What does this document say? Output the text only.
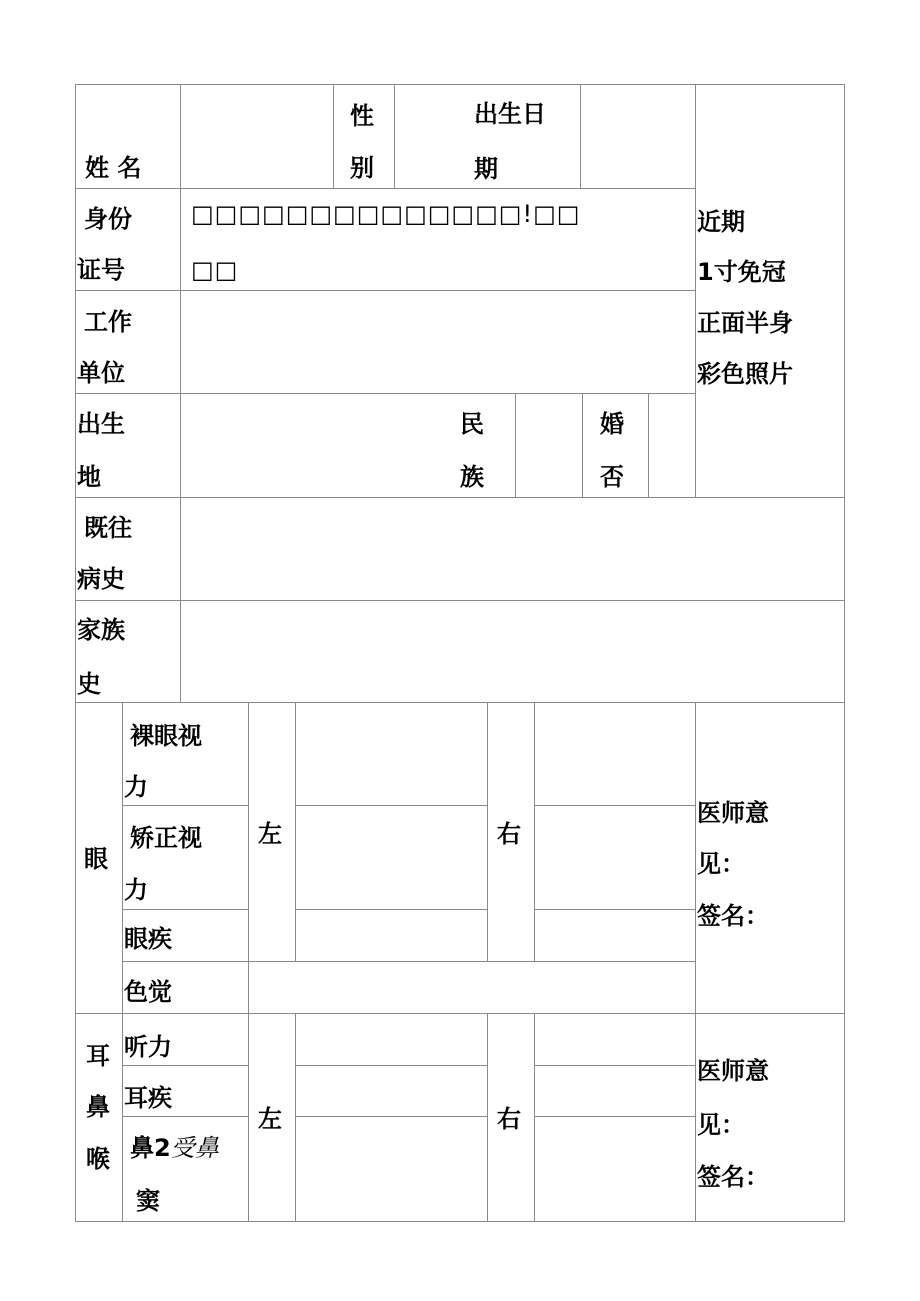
姓 名
性
别
出生日
期
身份
证号
□□□□□□□□□□□□□□!□□
□□
工作
单位
近期
1寸免冠
正面半身
彩色照片
出生
地
民
族
婚
否
既往
病史
家族
史
眼
裸眼视
力
矫正视
力
眼疾
色觉
左	右
医师意
见：
签名：
耳
鼻
喉
听力
耳疾
鼻2受鼻
窦
左	右
医师意
见：
签名：
